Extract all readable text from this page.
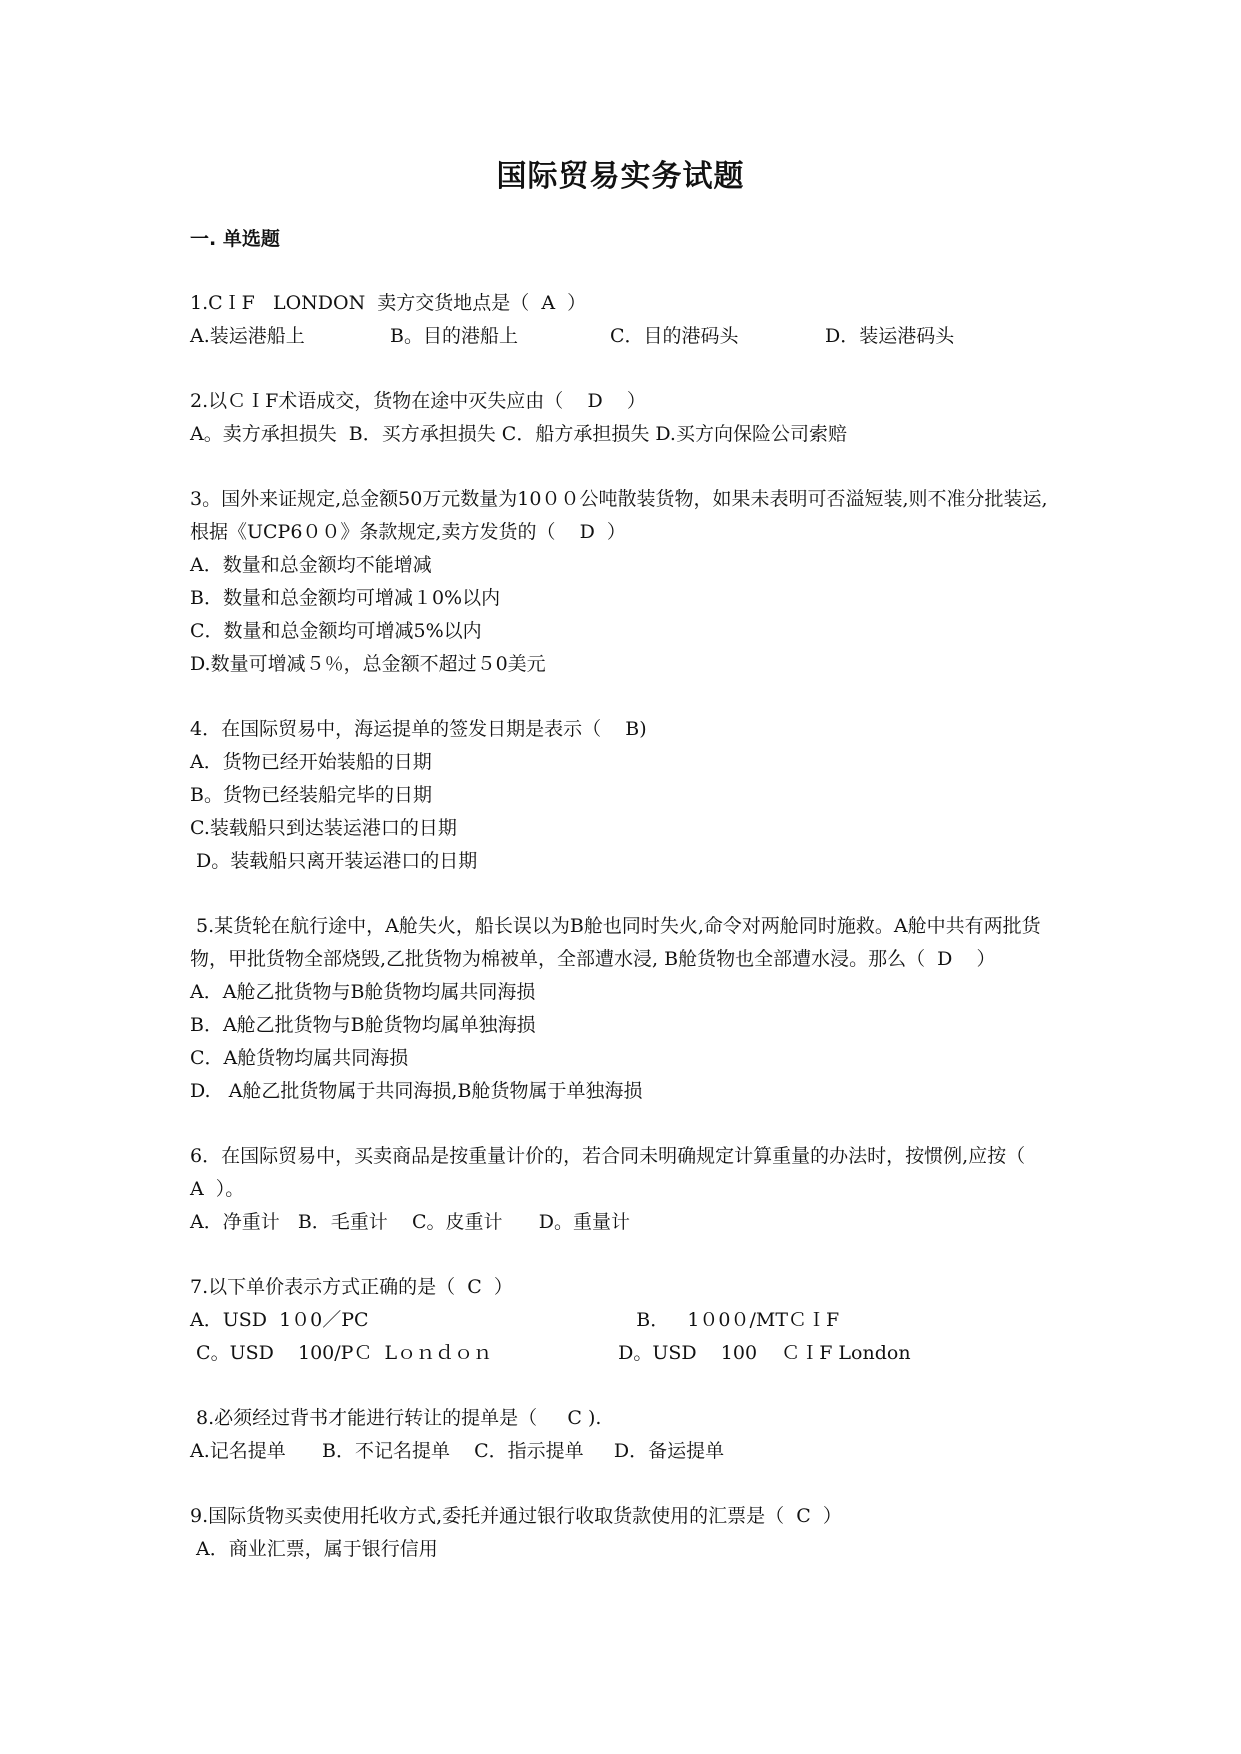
国际贸易实务试题
一. 单选题

1.CＩF   LONDON  卖方交货地点是（  A  ）

A.装运港船上	B。目的港船上	C．目的港码头	D．装运港码头

2.以ＣＩF术语成交，货物在途中灭失应由（    D    ）

A。卖方承担损失  B．买方承担损失 C．船方承担损失 D.买方向保险公司索赔

3。国外来证规定,总金额50万元数量为10００公吨散装货物，如果未表明可否溢短装,则不准分批装运,根据《UCP6００》条款规定,卖方发货的（    D  ）

A．数量和总金额均不能增减
B．数量和总金额均可增减１0%以内
C．数量和总金额均可增减5%以内
D.数量可增减５％，总金额不超过５0美元

4．在国际贸易中，海运提单的签发日期是表示（    B)

A．货物已经开始装船的日期
B。货物已经装船完毕的日期
C.装载船只到达装运港口的日期
D。装载船只离开装运港口的日期

5.某货轮在航行途中，A舱失火，船长误以为B舱也同时失火,命令对两舱同时施救。A舱中共有两批货物，甲批货物全部烧毁,乙批货物为棉被单，全部遭水浸, B舱货物也全部遭水浸。那么（  D    ）

A．A舱乙批货物与B舱货物均属共同海损
B．A舱乙批货物与B舱货物均属单独海损
C．A舱货物均属共同海损
D.   A舱乙批货物属于共同海损,B舱货物属于单独海损

6．在国际贸易中，买卖商品是按重量计价的，若合同未明确规定计算重量的办法时，按惯例,应按（    A  ）。

A．净重计   B．毛重计    C。皮重计      D。重量计

7.以下单价表示方式正确的是（  C  ）

A．USD  1０0／PC	B．   1０0０/MTＣＩF
C。USD    100/PＣ  Lｏｎｄｏｎ	D。USD    100    ＣＩF London

8.必须经过背书才能进行转让的提单是（     C ).

A.记名提单      B．不记名提单    C．指示提单     D．备运提单

9.国际货物买卖使用托收方式,委托并通过银行收取货款使用的汇票是（  C  ）

A．商业汇票，属于银行信用
